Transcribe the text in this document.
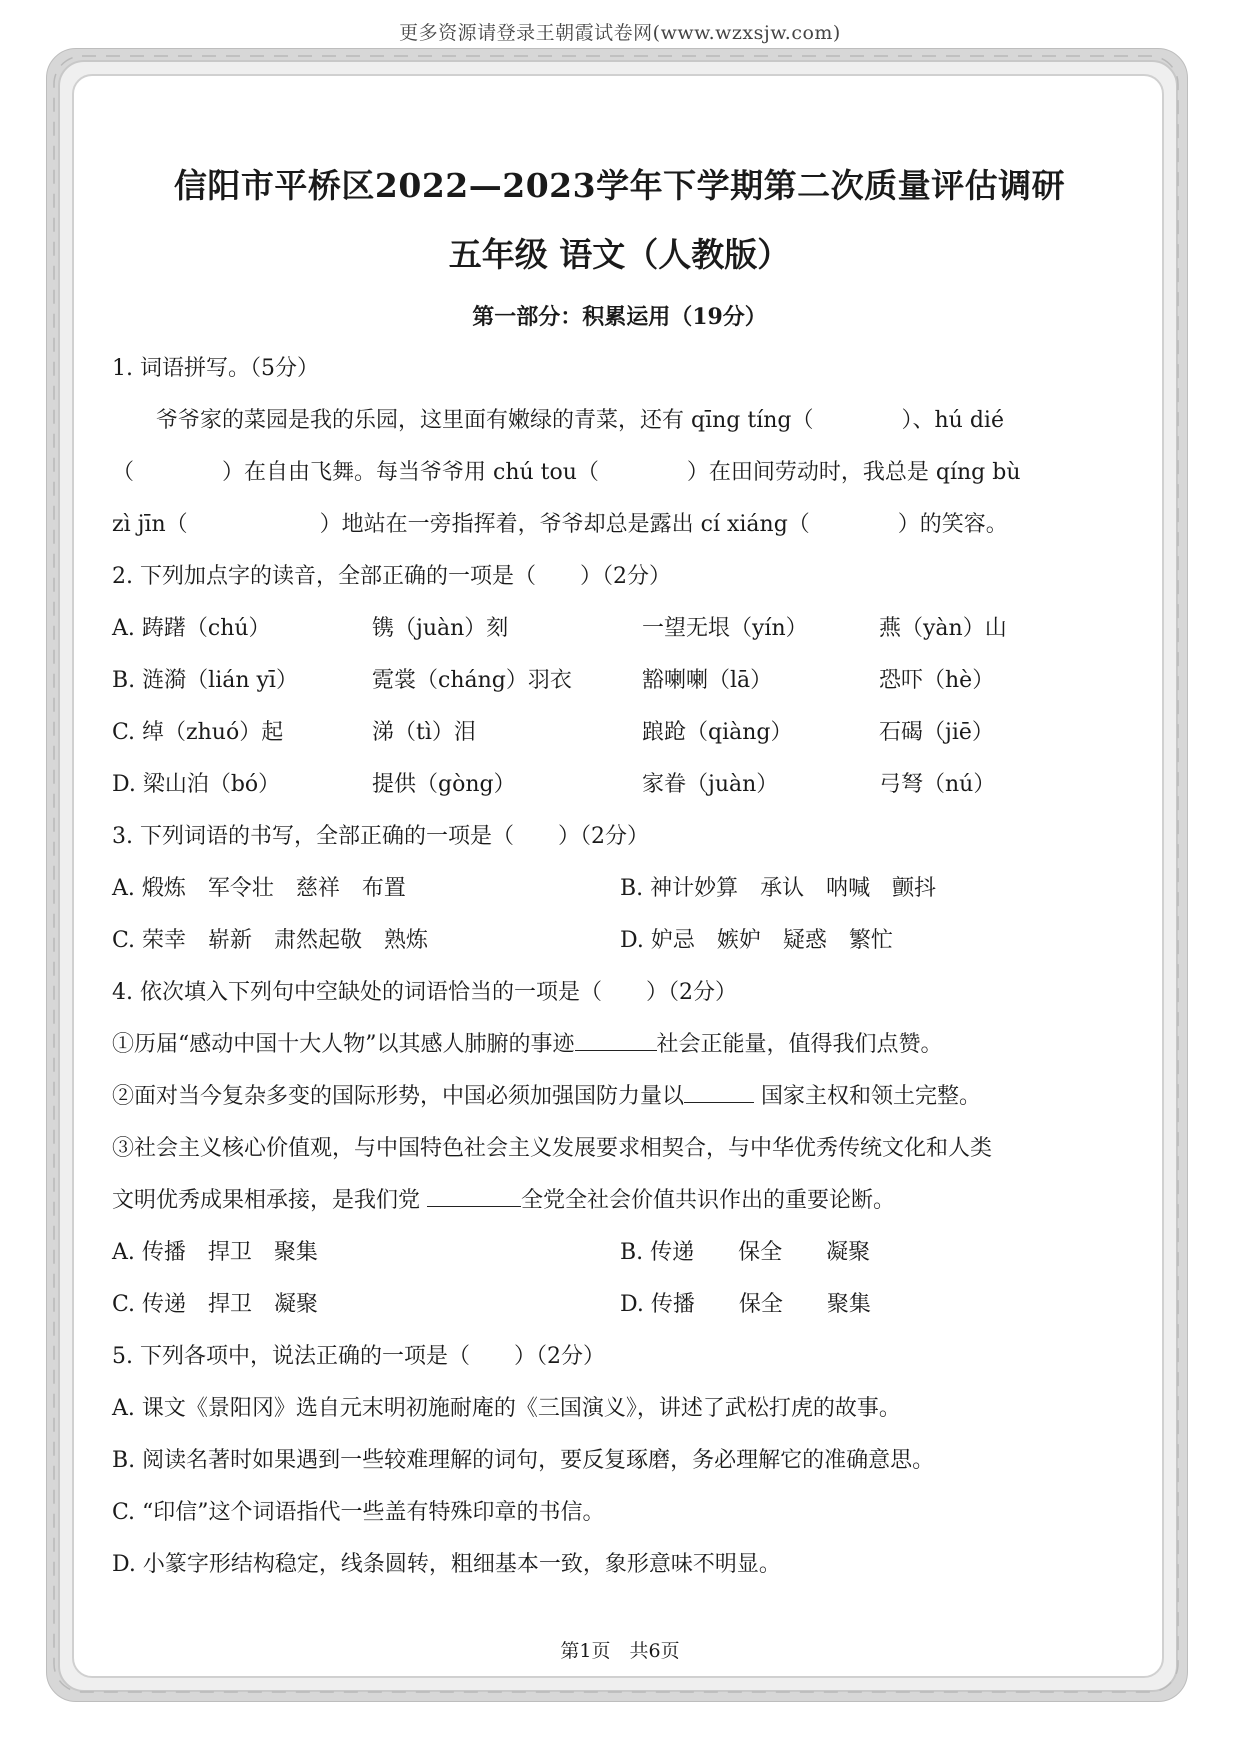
更多资源请登录王朝霞试卷网(www.wzxsjw.com)
信阳市平桥区2022—2023学年下学期第二次质量评估调研
五年级 语文（人教版）
第一部分：积累运用（19分）
1. 词语拼写。（5分）
爷爷家的菜园是我的乐园，这里面有嫩绿的青菜，还有 qīng tíng（　　　　）、hú dié
（　　　　）在自由飞舞。每当爷爷用 chú tou（　　　　）在田间劳动时，我总是 qíng bù
zì jīn（　　　　　　）地站在一旁指挥着，爷爷却总是露出 cí xiáng（　　　　）的笑容。
2. 下列加点字的读音，全部正确的一项是（　　）（2分）
A. 踌躇（chú）	镌（juàn）刻	一望无垠（yín）	燕（yàn）山
B. 涟漪（lián yī）	霓裳（cháng）羽衣	豁喇喇（lā）	恐吓（hè）
C. 绰（zhuó）起	涕（tì）泪	踉跄（qiàng）	石碣（jiē）
D. 梁山泊（bó）	提供（gòng）	家眷（juàn）	弓弩（nú）
3. 下列词语的书写，全部正确的一项是（　　）（2分）
A. 煅炼　军令壮　慈祥　布置	B. 神计妙算　承认　呐喊　颤抖
C. 荣幸　崭新　肃然起敬　熟炼	D. 妒忌　嫉妒　疑惑　繁忙
4. 依次填入下列句中空缺处的词语恰当的一项是（　　）（2分）
①历届“感动中国十大人物”以其感人肺腑的事迹	社会正能量，值得我们点赞。
②面对当今复杂多变的国际形势，中国必须加强国防力量以	国家主权和领土完整。
③社会主义核心价值观，与中国特色社会主义发展要求相契合，与中华优秀传统文化和人类
文明优秀成果相承接，是我们党	全党全社会价值共识作出的重要论断。
A. 传播　捍卫　聚集	B. 传递　　保全　　凝聚
C. 传递　捍卫　凝聚	D. 传播　　保全　　聚集
5. 下列各项中，说法正确的一项是（　　）（2分）
A. 课文《景阳冈》选自元末明初施耐庵的《三国演义》，讲述了武松打虎的故事。
B. 阅读名著时如果遇到一些较难理解的词句，要反复琢磨，务必理解它的准确意思。
C. “印信”这个词语指代一些盖有特殊印章的书信。
D. 小篆字形结构稳定，线条圆转，粗细基本一致，象形意味不明显。
第1页　共6页
